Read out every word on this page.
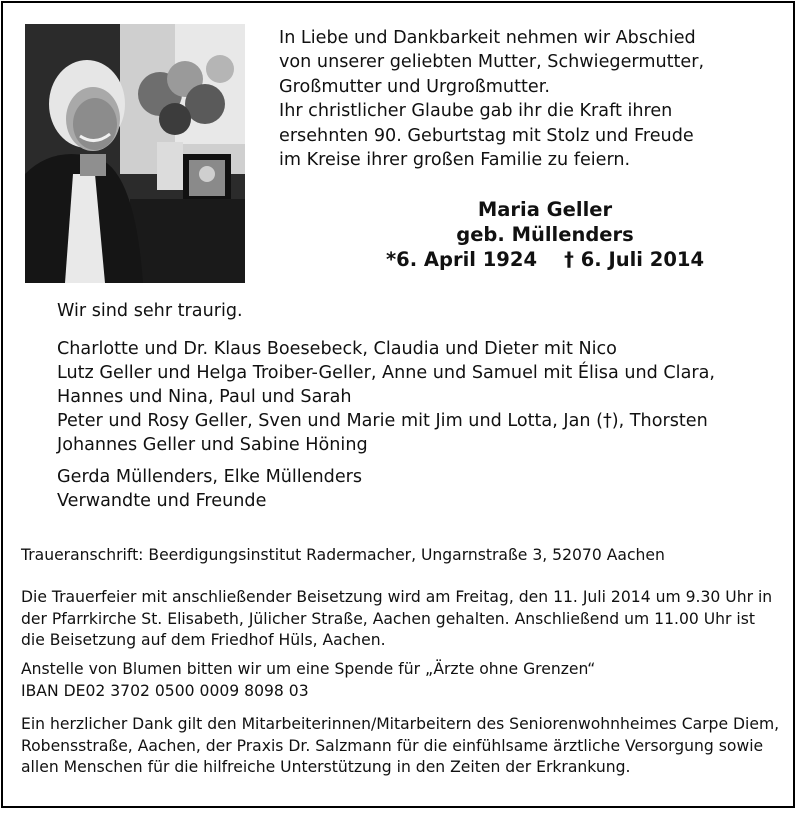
In Liebe und Dankbarkeit nehmen wir Abschied
von unserer geliebten Mutter, Schwiegermutter,
Großmutter und Urgroßmutter.
Ihr christlicher Glaube gab ihr die Kraft ihren
ersehnten 90. Geburtstag mit Stolz und Freude
im Kreise ihrer großen Familie zu feiern.

Maria Geller
geb. Müllenders
*6. April 1924    † 6. Juli 2014
Wir sind sehr traurig.
Charlotte und Dr. Klaus Boesebeck, Claudia und Dieter mit Nico
Lutz Geller und Helga Troiber-Geller, Anne und Samuel mit Élisa und Clara,
Hannes und Nina, Paul und Sarah
Peter und Rosy Geller, Sven und Marie mit Jim und Lotta, Jan (†), Thorsten
Johannes Geller und Sabine Höning
Gerda Müllenders, Elke Müllenders
Verwandte und Freunde
Traueranschrift: Beerdigungsinstitut Radermacher, Ungarnstraße 3, 52070 Aachen
Die Trauerfeier mit anschließender Beisetzung wird am Freitag, den 11. Juli 2014 um 9.30 Uhr in der Pfarrkirche St. Elisabeth, Jülicher Straße, Aachen gehalten. Anschließend um 11.00 Uhr ist die Beisetzung auf dem Friedhof Hüls, Aachen.
Anstelle von Blumen bitten wir um eine Spende für „Ärzte ohne Grenzen“
IBAN DE02 3702 0500 0009 8098 03
Ein herzlicher Dank gilt den Mitarbeiterinnen/Mitarbeitern des Seniorenwohnheimes Carpe Diem, Robensstraße, Aachen, der Praxis Dr. Salzmann für die einfühlsame ärztliche Versorgung sowie allen Menschen für die hilfreiche Unterstützung in den Zeiten der Erkrankung.
